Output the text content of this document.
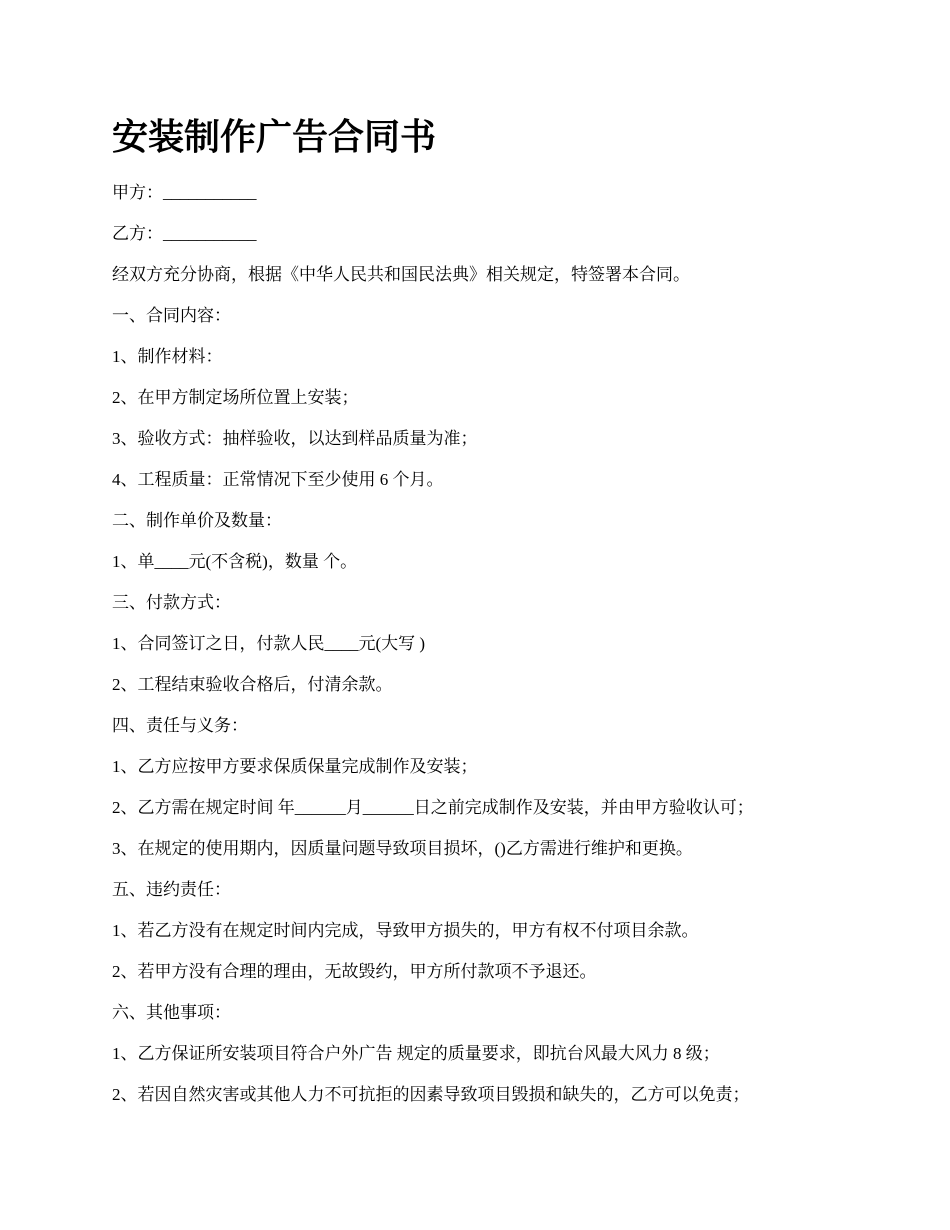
安装制作广告合同书
甲方：___________
乙方：___________
经双方充分协商，根据《中华人民共和国民法典》相关规定，特签署本合同。
一、合同内容：
1、制作材料：
2、在甲方制定场所位置上安装；
3、验收方式：抽样验收，以达到样品质量为准；
4、工程质量：正常情况下至少使用 6 个月。
二、制作单价及数量：
1、单____元(不含税)，数量 个。
三、付款方式：
1、合同签订之日，付款人民____元(大写 )
2、工程结束验收合格后，付清余款。
四、责任与义务：
1、乙方应按甲方要求保质保量完成制作及安装；
2、乙方需在规定时间 年______月______日之前完成制作及安装，并由甲方验收认可；
3、在规定的使用期内，因质量问题导致项目损坏，()乙方需进行维护和更换。
五、违约责任：
1、若乙方没有在规定时间内完成，导致甲方损失的，甲方有权不付项目余款。
2、若甲方没有合理的理由，无故毁约，甲方所付款项不予退还。
六、其他事项：
1、乙方保证所安装项目符合户外广告 规定的质量要求，即抗台风最大风力 8 级；
2、若因自然灾害或其他人力不可抗拒的因素导致项目毁损和缺失的，乙方可以免责；
